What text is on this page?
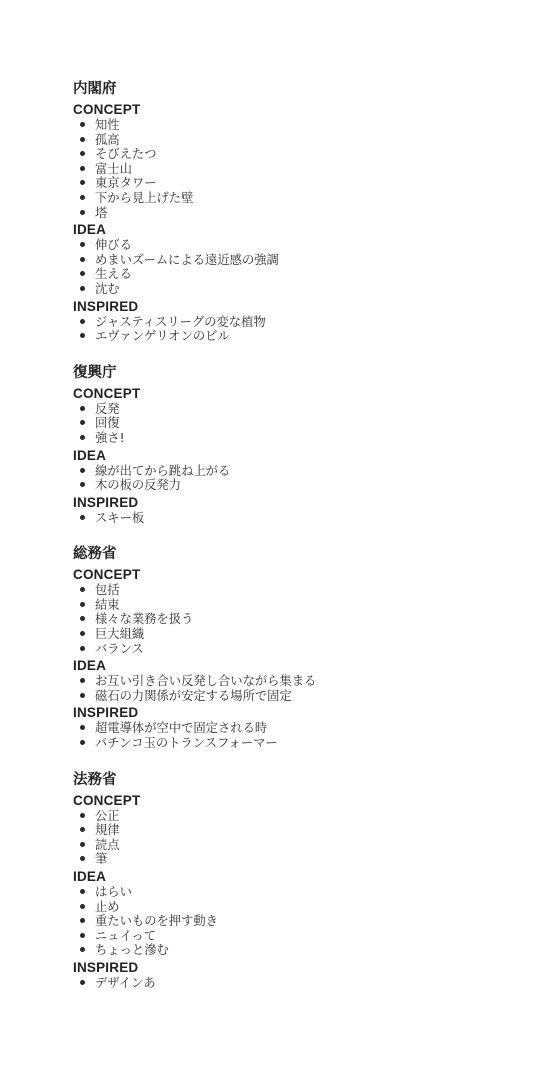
内閣府
CONCEPT
知性
孤高
そびえたつ
富士山
東京タワー
下から見上げた壁
塔
IDEA
伸びる
めまいズームによる遠近感の強調
生える
沈む
INSPIRED
ジャスティスリーグの変な植物
エヴァンゲリオンのビル
復興庁
CONCEPT
反発
回復
強さ!
IDEA
線が出てから跳ね上がる
木の板の反発力
INSPIRED
スキー板
総務省
CONCEPT
包括
結束
様々な業務を扱う
巨大組織
バランス
IDEA
お互い引き合い反発し合いながら集まる
磁石の力関係が安定する場所で固定
INSPIRED
超電導体が空中で固定される時
パチンコ玉のトランスフォーマー
法務省
CONCEPT
公正
規律
読点
筆
IDEA
はらい
止め
重たいものを押す動き
ニュイって
ちょっと滲む
INSPIRED
デザインあ
